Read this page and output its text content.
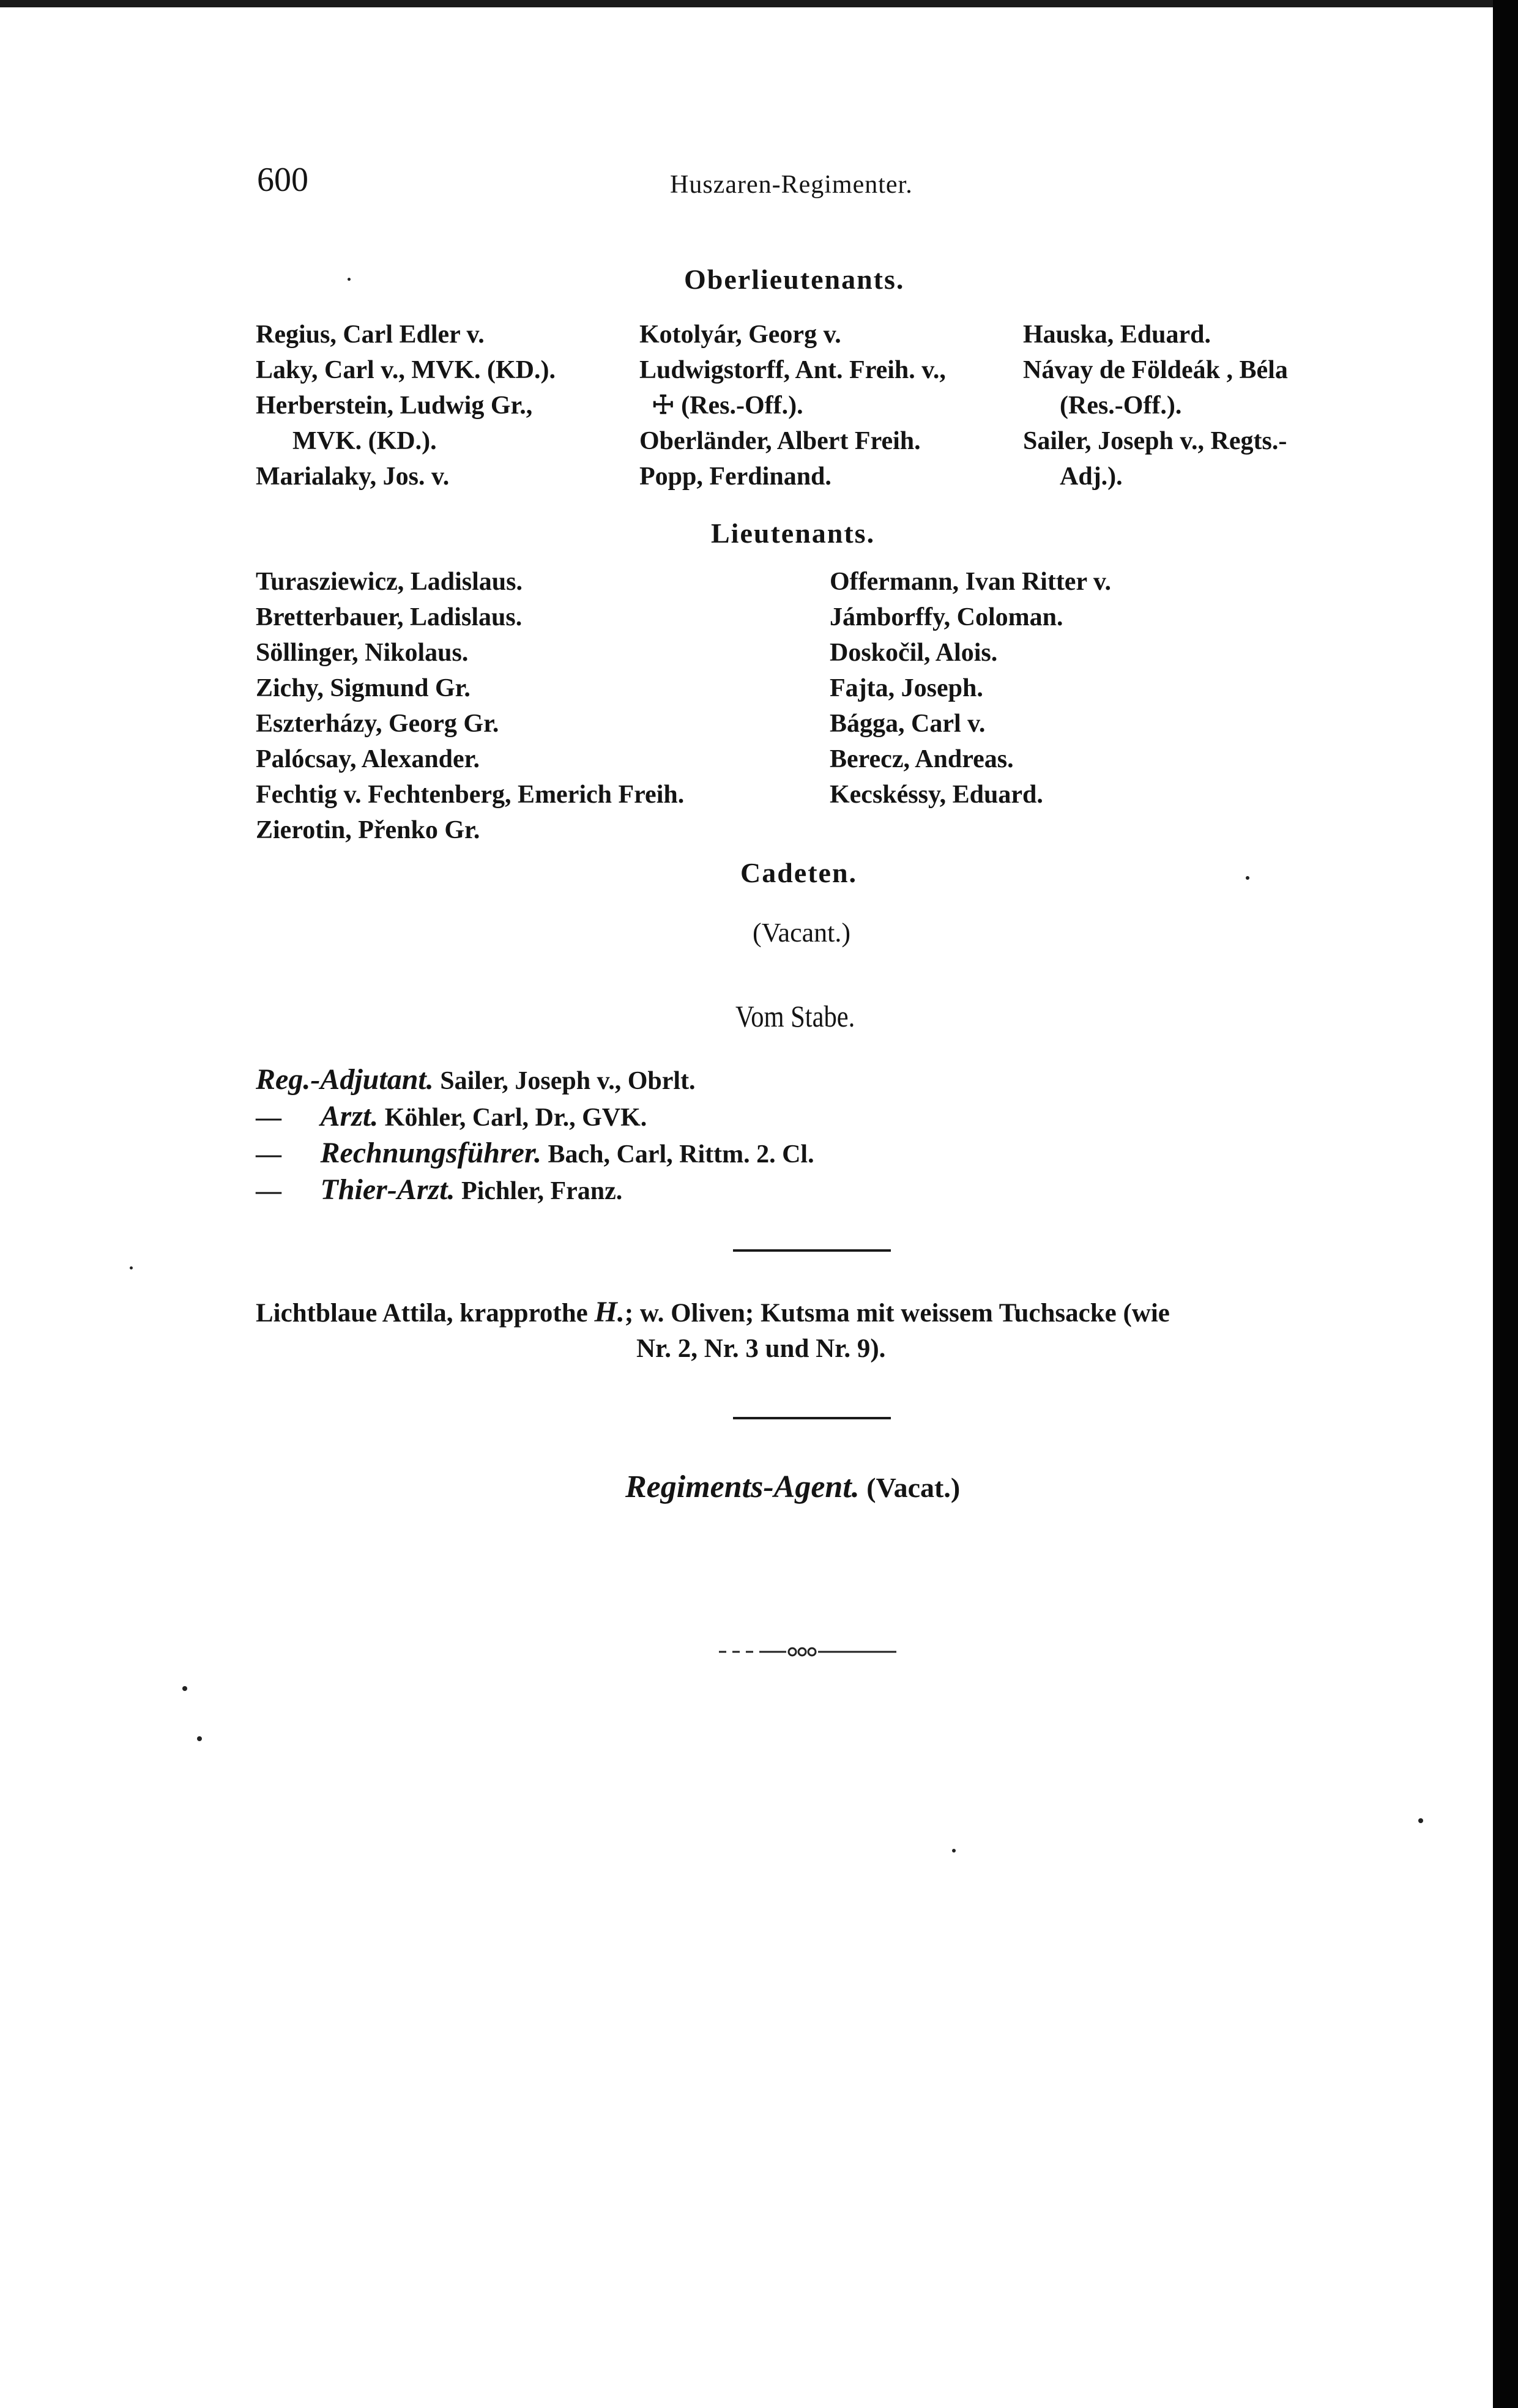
600	Huszaren-Regimenter.
Oberlieutenants.
Regius, Carl Edler v.
Laky, Carl v., MVK. (KD.).
Herberstein, Ludwig Gr.,
MVK. (KD.).
Marialaky, Jos. v.
Kotolyár, Georg v.
Ludwigstorff, Ant. Freih. v.,
☩ (Res.-Off.).
Oberländer, Albert Freih.
Popp, Ferdinand.
Hauska, Eduard.
Návay de Földeák , Béla
(Res.-Off.).
Sailer, Joseph v., Regts.-
Adj.).
Lieutenants.
Turasziewicz, Ladislaus.
Bretterbauer, Ladislaus.
Söllinger, Nikolaus.
Zichy, Sigmund Gr.
Eszterházy, Georg Gr.
Palócsay, Alexander.
Fechtig v. Fechtenberg, Emerich Freih.
Zierotin, Přenko Gr.
Offermann, Ivan Ritter v.
Jámborffy, Coloman.
Doskočil, Alois.
Fajta, Joseph.
Bágga, Carl v.
Berecz, Andreas.
Kecskéssy, Eduard.
Cadeten.
(Vacant.)
Vom Stabe.
Reg.-Adjutant. Sailer, Joseph v., Obrlt.
— Arzt. Köhler, Carl, Dr., GVK.
— Rechnungsführer. Bach, Carl, Rittm. 2. Cl.
— Thier-Arzt. Pichler, Franz.
Lichtblaue Attila, krapprothe H.; w. Oliven; Kutsma mit weissem Tuchsacke (wie
Nr. 2, Nr. 3 und Nr. 9).
Regiments-Agent. (Vacat.)
